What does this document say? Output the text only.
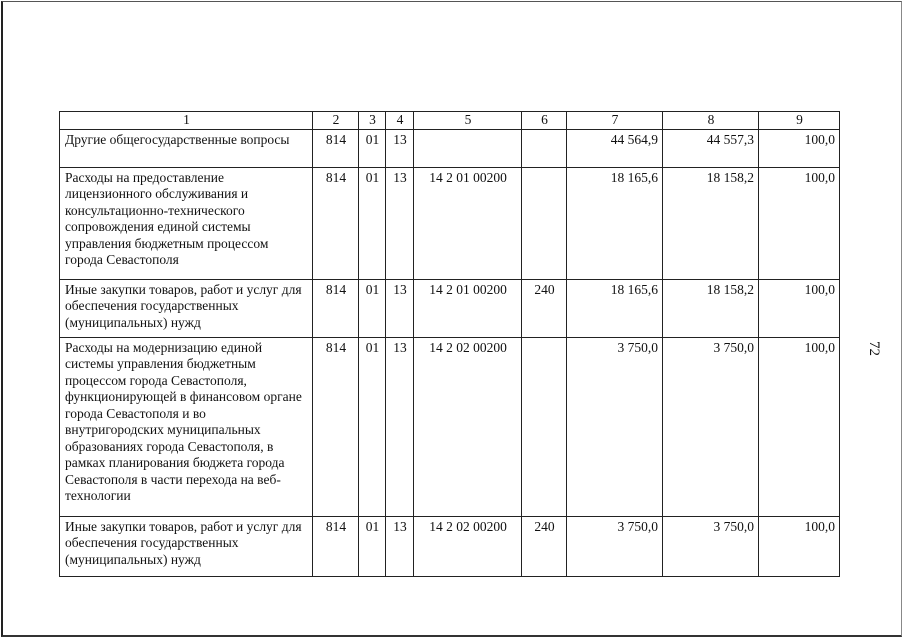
1	2	3	4	5	6	7	8	9
Другие общегосударственные вопросы	814	01	13			44 564,9	44 557,3	100,0
Расходы на предоставление лицензионного обслуживания и консультационно-технического сопровождения единой системы управления бюджетным процессом города Севастополя	814	01	13	14 2 01 00200		18 165,6	18 158,2	100,0
Иные закупки товаров, работ и услуг для обеспечения государственных (муниципальных) нужд	814	01	13	14 2 01 00200	240	18 165,6	18 158,2	100,0
Расходы на модернизацию единой системы управления бюджетным процессом города Севастополя, функционирующей в финансовом органе города Севастополя и во внутригородских муниципальных образованиях города Севастополя, в рамках планирования бюджета города Севастополя в части перехода на веб-технологии	814	01	13	14 2 02 00200		3 750,0	3 750,0	100,0
Иные закупки товаров, работ и услуг для обеспечения государственных (муниципальных) нужд	814	01	13	14 2 02 00200	240	3 750,0	3 750,0	100,0
72
